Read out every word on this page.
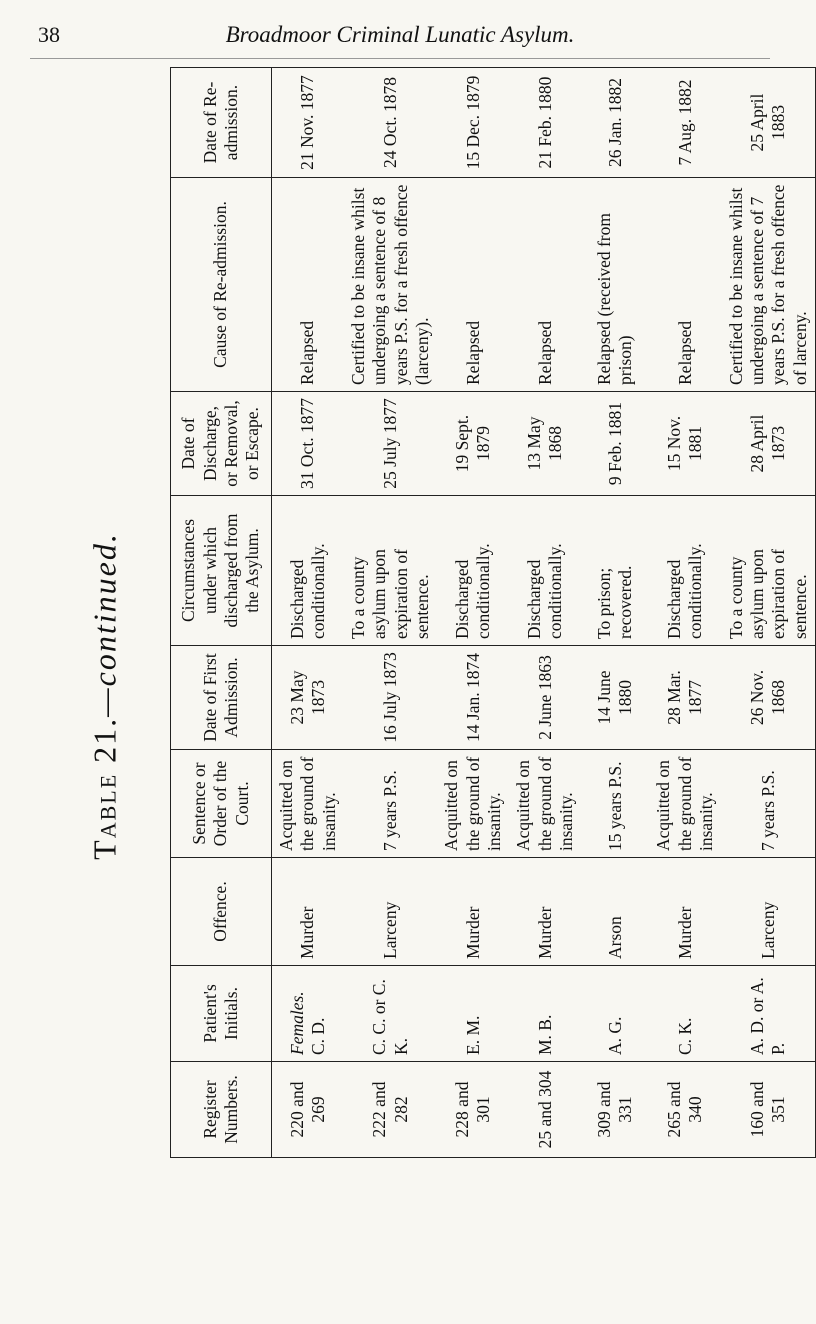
38	Broadmoor Criminal Lunatic Asylum.
Table 21.—continued.
Register Numbers.	Patient's Initials.	Offence.	Sentence or Order of the Court.	Date of First Admission.	Circumstances under which discharged from the Asylum.	Date of Discharge, or Removal, or Escape.	Cause of Re-admission.	Date of Re-admission.
220 and 269	Females. C. D.	Murder	Acquitted on the ground of insanity.	23 May 1873	Discharged conditionally.	31 Oct. 1877	Relapsed	21 Nov. 1877
222 and 282	C. C. or C. K.	Larceny	7 years P.S.	16 July 1873	To a county asylum upon expiration of sentence.	25 July 1877	Certified to be insane whilst undergoing a sentence of 8 years P.S. for a fresh offence (larceny).	24 Oct. 1878
228 and 301	E. M.	Murder	Acquitted on the ground of insanity.	14 Jan. 1874	Discharged conditionally.	19 Sept. 1879	Relapsed	15 Dec. 1879
25 and 304	M. B.	Murder	Acquitted on the ground of insanity.	2 June 1863	Discharged conditionally.	13 May 1868	Relapsed	21 Feb. 1880
309 and 331	A. G.	Arson	15 years P.S.	14 June 1880	To prison; recovered.	9 Feb. 1881	Relapsed (received from prison)	26 Jan. 1882
265 and 340	C. K.	Murder	Acquitted on the ground of insanity.	28 Mar. 1877	Discharged conditionally.	15 Nov. 1881	Relapsed	7 Aug. 1882
160 and 351	A. D. or A. P.	Larceny	7 years P.S.	26 Nov. 1868	To a county asylum upon expiration of sentence.	28 April 1873	Certified to be insane whilst undergoing a sentence of 7 years P.S. for a fresh offence of larceny.	25 April 1883
